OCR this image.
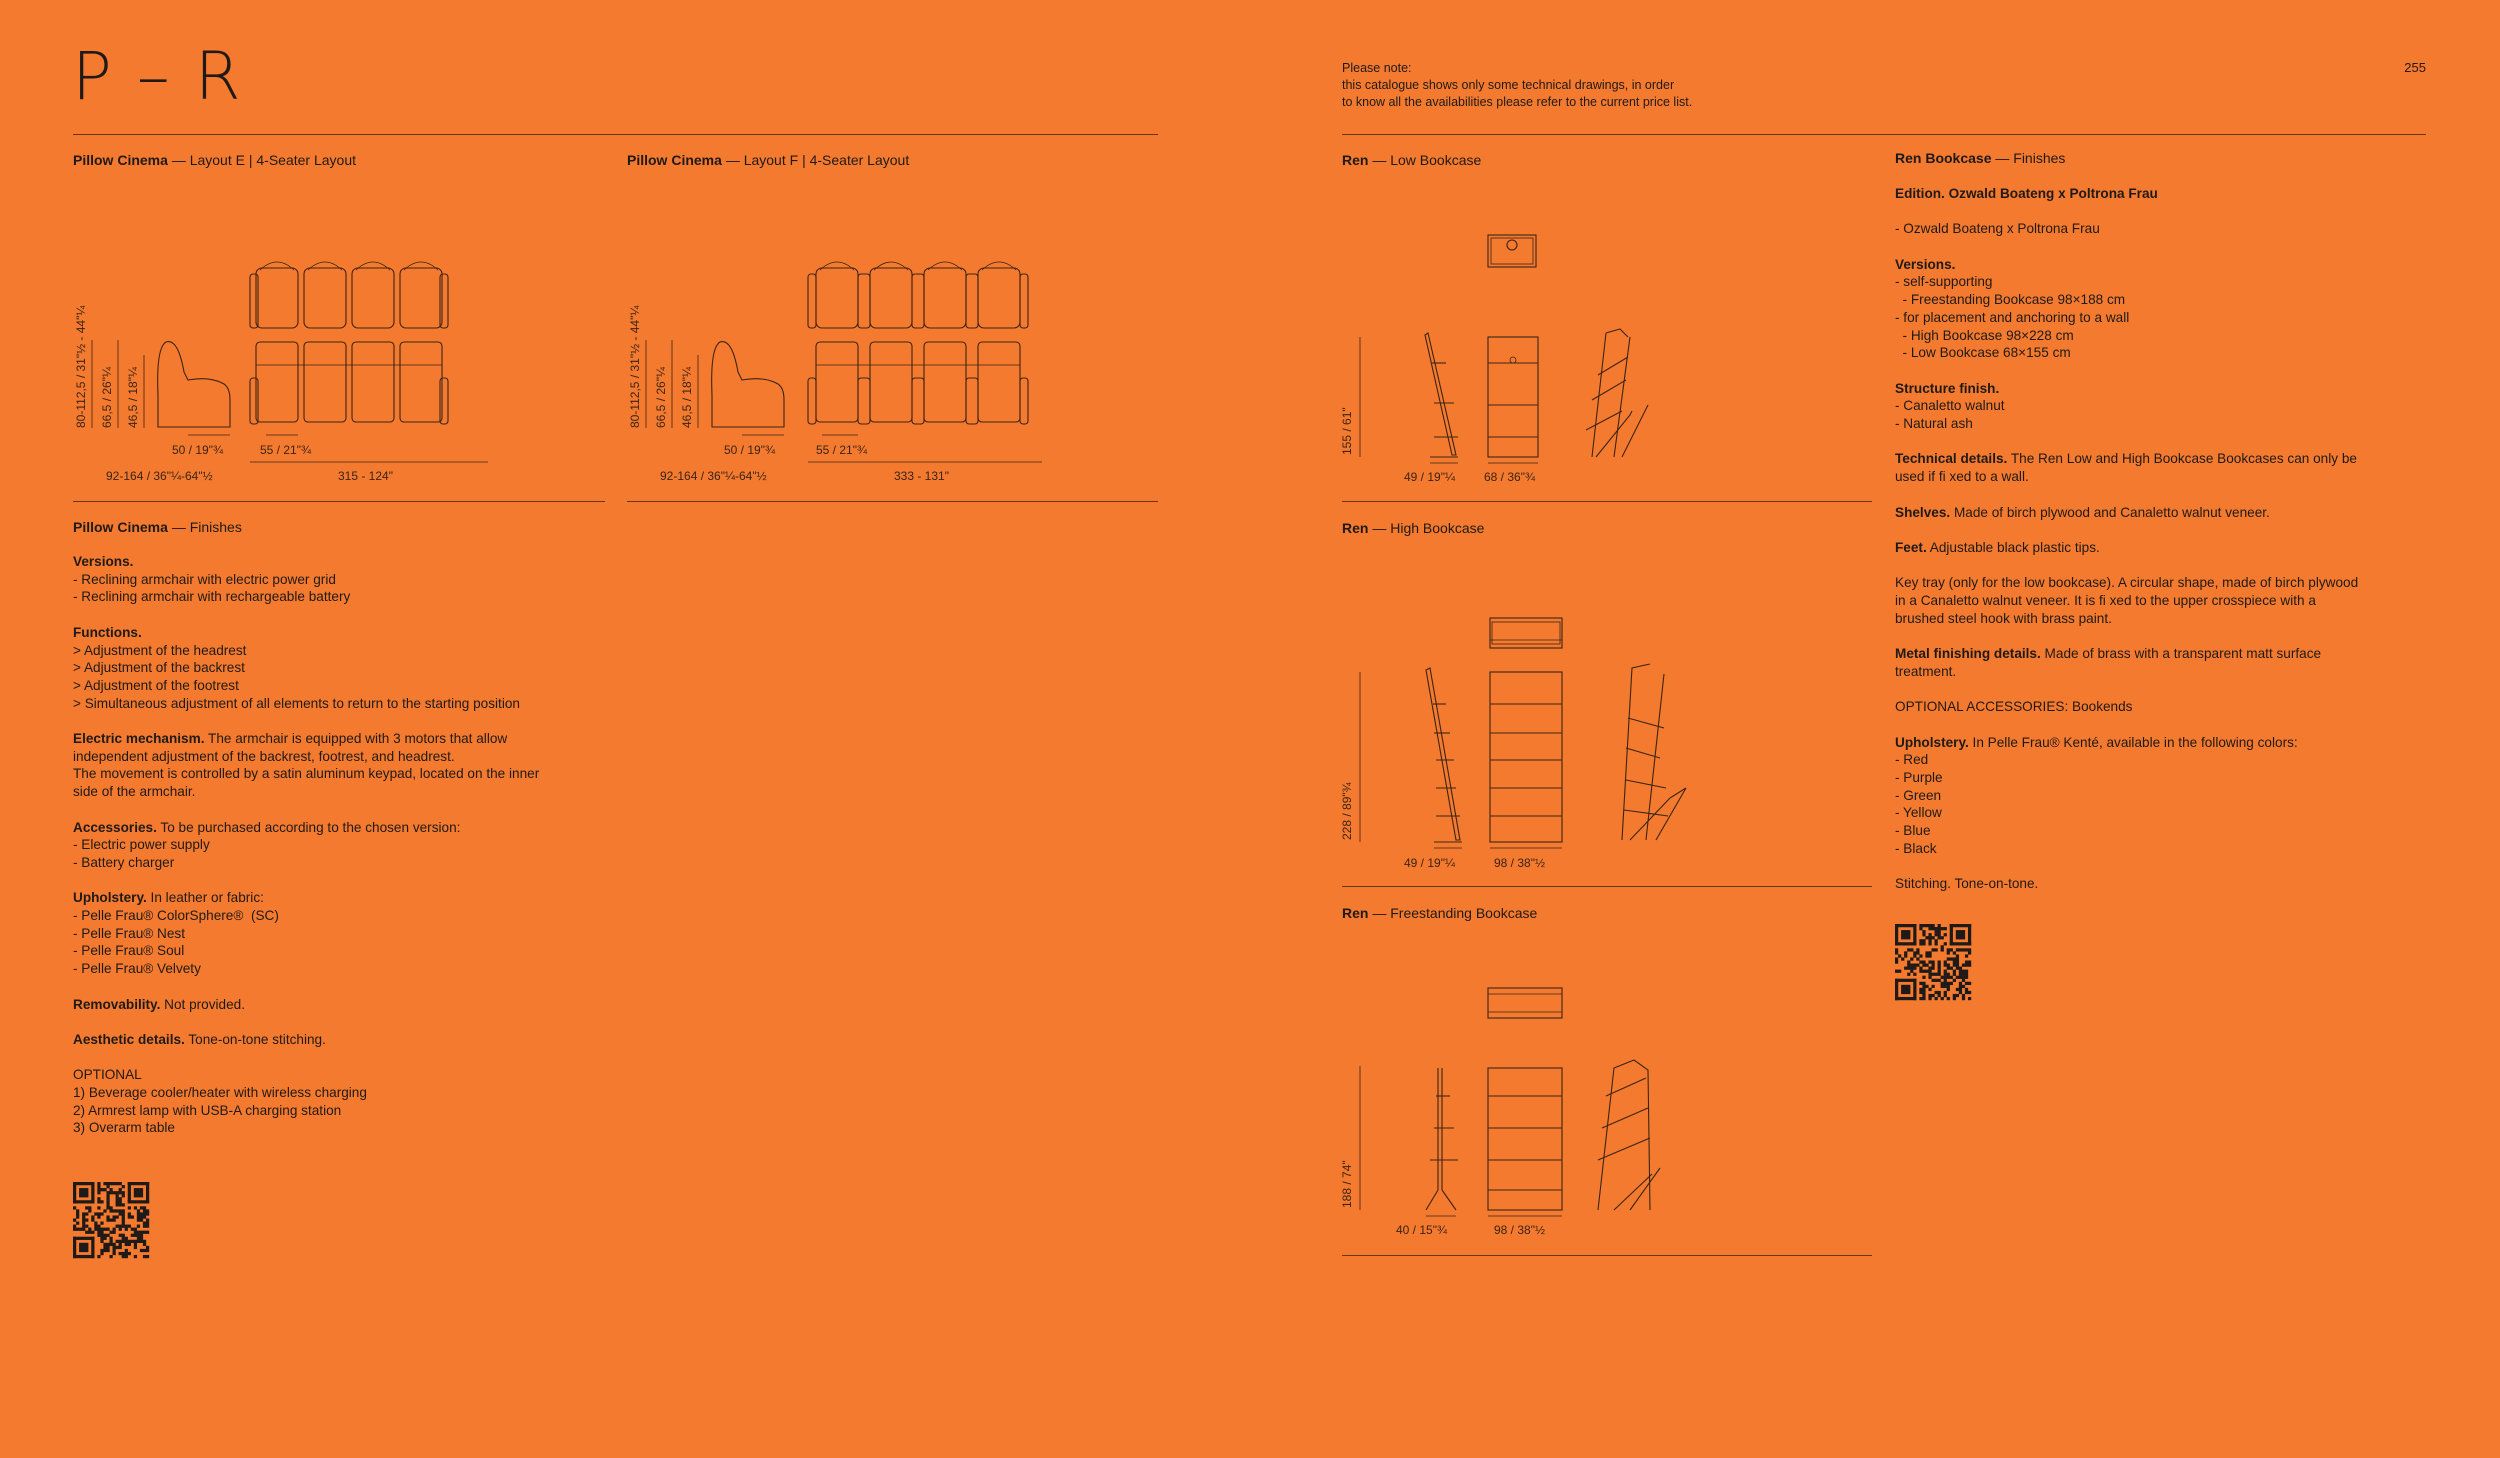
P – R	Please note:
this catalogue shows only some technical drawings, in order
to know all the availabilities please refer to the current price list.
255
Pillow Cinema — Layout E | 4-Seater Layout
80-112,5 / 31"½ - 44"¼ 66,5 / 26"¼ 46,5 / 18"¼
50 / 19"¾	55 / 21"¾
92-164 / 36"¼-64"½	315 - 124"
Pillow Cinema — Layout F | 4-Seater Layout
80-112,5 / 31"½ - 44"¼ 66,5 / 26"¼ 46,5 / 18"¼
50 / 19"¾	55 / 21"¾
92-164 / 36"¼-64"½	333 - 131"
Pillow Cinema — Finishes

Versions.
- Reclining armchair with electric power grid
- Reclining armchair with rechargeable battery

Functions.
> Adjustment of the headrest
> Adjustment of the backrest
> Adjustment of the footrest
> Simultaneous adjustment of all elements to return to the starting position

Electric mechanism. The armchair is equipped with 3 motors that allow
independent adjustment of the backrest, footrest, and headrest.
The movement is controlled by a satin aluminum keypad, located on the inner
side of the armchair.

Accessories. To be purchased according to the chosen version:
- Electric power supply
- Battery charger

Upholstery. In leather or fabric:
- Pelle Frau® ColorSphere®  (SC)
- Pelle Frau® Nest
- Pelle Frau® Soul
- Pelle Frau® Velvety

Removability. Not provided.

Aesthetic details. Tone-on-tone stitching.

OPTIONAL
1) Beverage cooler/heater with wireless charging
2) Armrest lamp with USB-A charging station
3) Overarm table

Ren — Low Bookcase
155 / 61"
49 / 19"¼ 68 / 36"¾
Ren — High Bookcase
228 / 89"¾
49 / 19"¼	98 / 38"½
Ren — Freestanding Bookcase
188 / 74"
40 / 15"¾	98 / 38"½
Ren Bookcase — Finishes

Edition. Ozwald Boateng x Poltrona Frau

- Ozwald Boateng x Poltrona Frau

Versions.
- self-supporting
- Freestanding Bookcase 98×188 cm
- for placement and anchoring to a wall
- High Bookcase 98×228 cm
- Low Bookcase 68×155 cm

Structure finish.
- Canaletto walnut
- Natural ash

Technical details. The Ren Low and High Bookcase Bookcases can only be
used if fi xed to a wall.

Shelves. Made of birch plywood and Canaletto walnut veneer.

Feet. Adjustable black plastic tips.

Key tray (only for the low bookcase). A circular shape, made of birch plywood
in a Canaletto walnut veneer. It is fi xed to the upper crosspiece with a
brushed steel hook with brass paint.

Metal finishing details. Made of brass with a transparent matt surface
treatment.

OPTIONAL ACCESSORIES: Bookends

Upholstery. In Pelle Frau® Kenté, available in the following colors:
- Red
- Purple
- Green
- Yellow
- Blue
- Black

Stitching. Tone-on-tone.
